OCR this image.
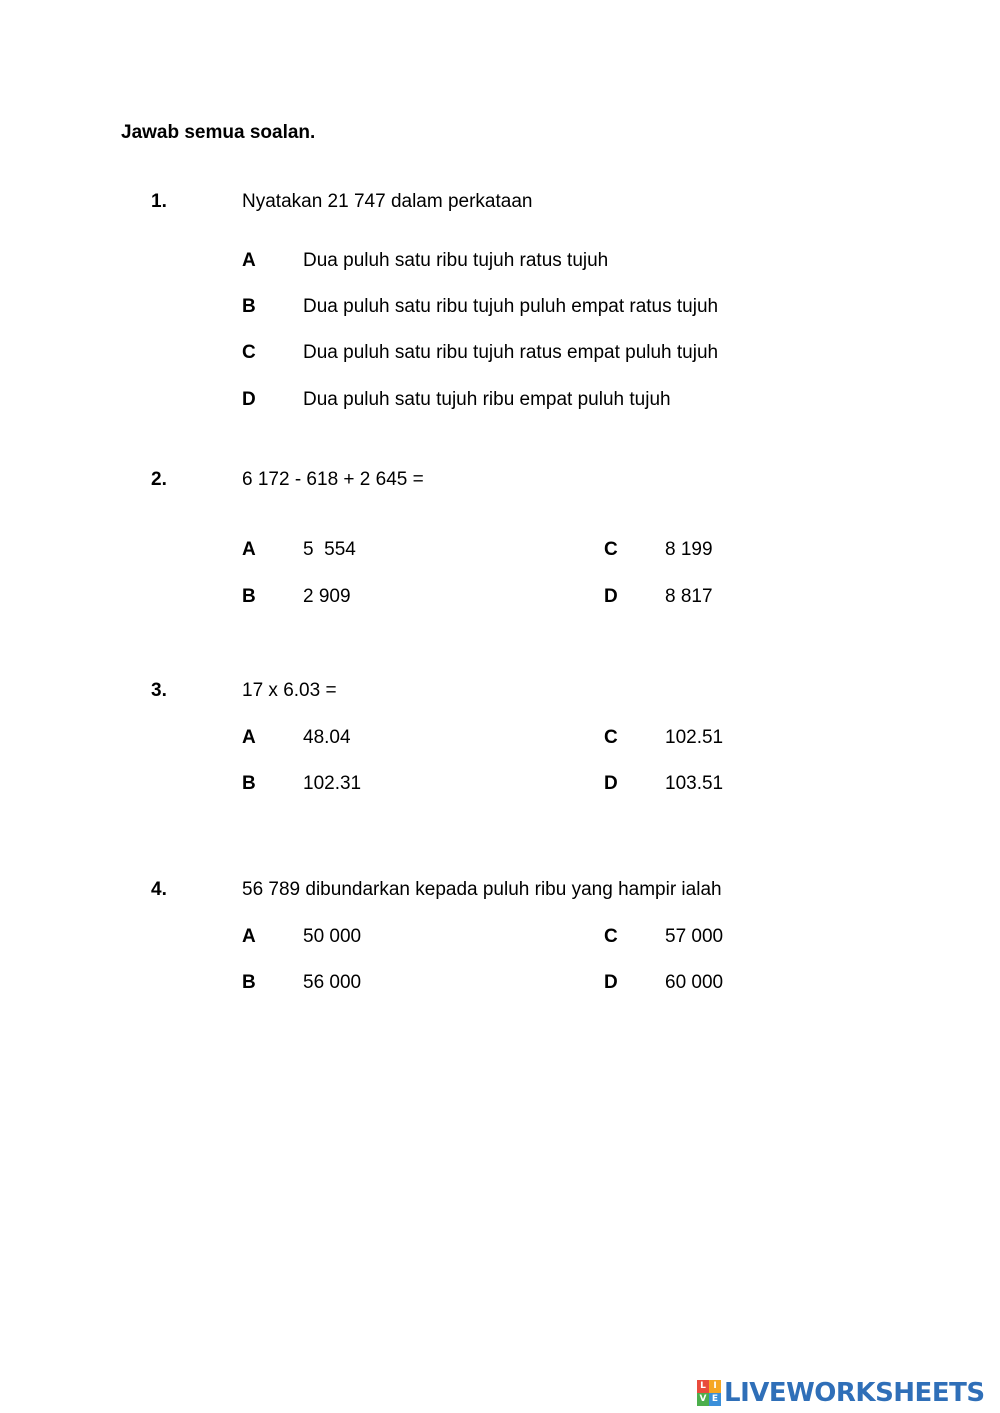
Jawab semua soalan.
1.	Nyatakan 21 747 dalam perkataan
A Dua puluh satu ribu tujuh ratus tujuh
B Dua puluh satu ribu tujuh puluh empat ratus tujuh
C Dua puluh satu ribu tujuh ratus empat puluh tujuh
D Dua puluh satu tujuh ribu empat puluh tujuh
2.	6 172 - 618 + 2 645 =
A 5  554
B 2 909
C 8 199
D 8 817
3.	17 x 6.03 =
A 48.04
B 102.31
C 102.51
D 103.51
4.	56 789 dibundarkan kepada puluh ribu yang hampir ialah
A 50 000
B 56 000
C 57 000
D 60 000
L I
V E LIVEWORKSHEETS
